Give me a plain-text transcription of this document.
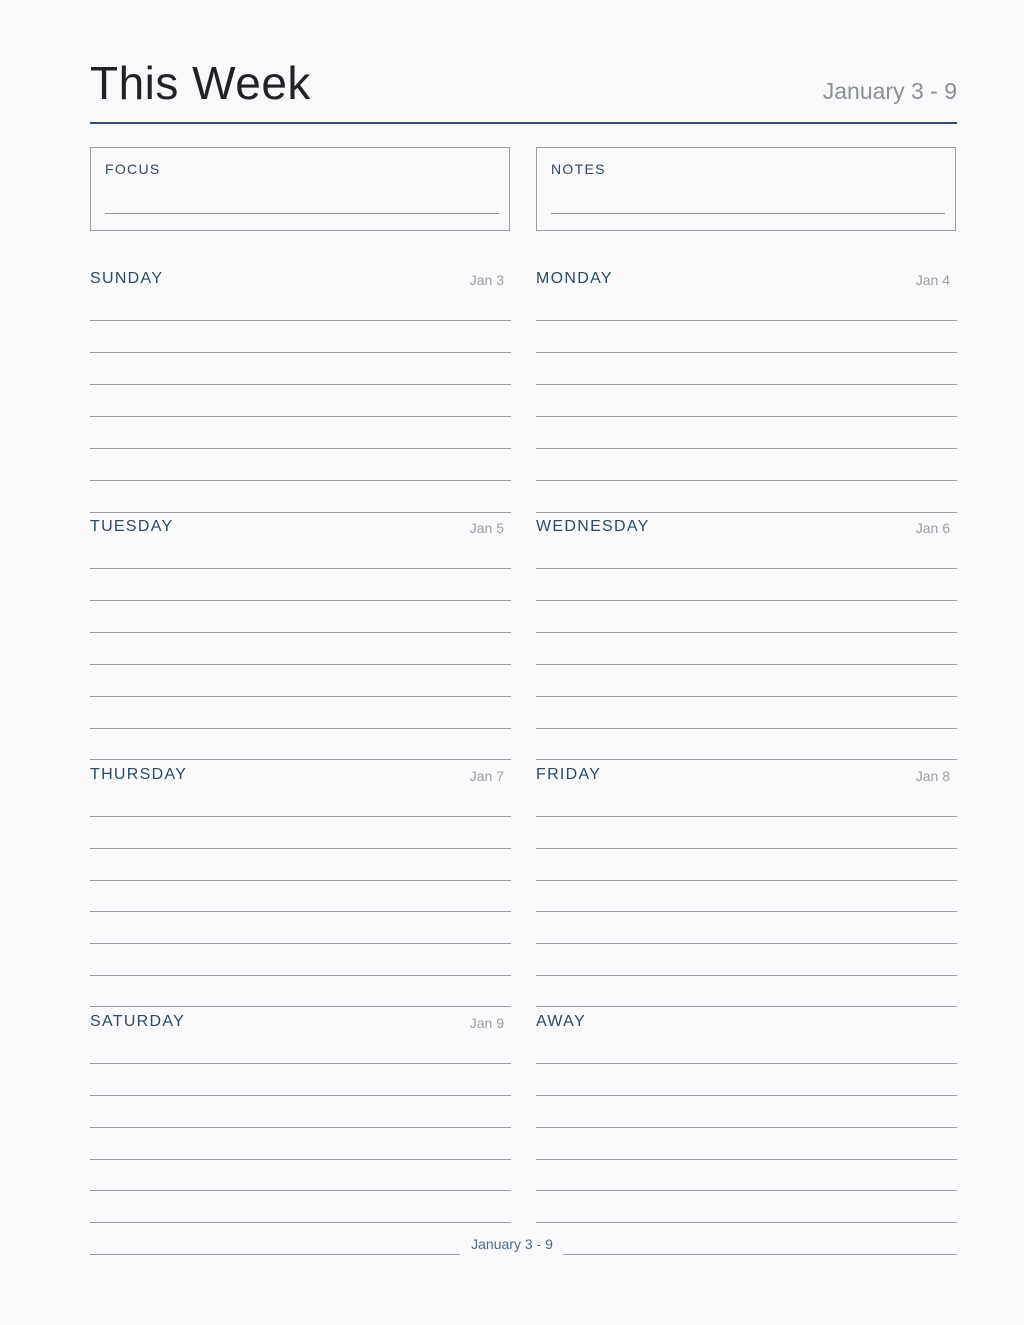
This Week	January 3 - 9
FOCUS	NOTES
SUNDAY	Jan 3 MONDAY	Jan 4
TUESDAY	Jan 5 WEDNESDAY	Jan 6
THURSDAY	Jan 7 FRIDAY	Jan 8
SATURDAY	Jan 9 AWAY
January 3 - 9
